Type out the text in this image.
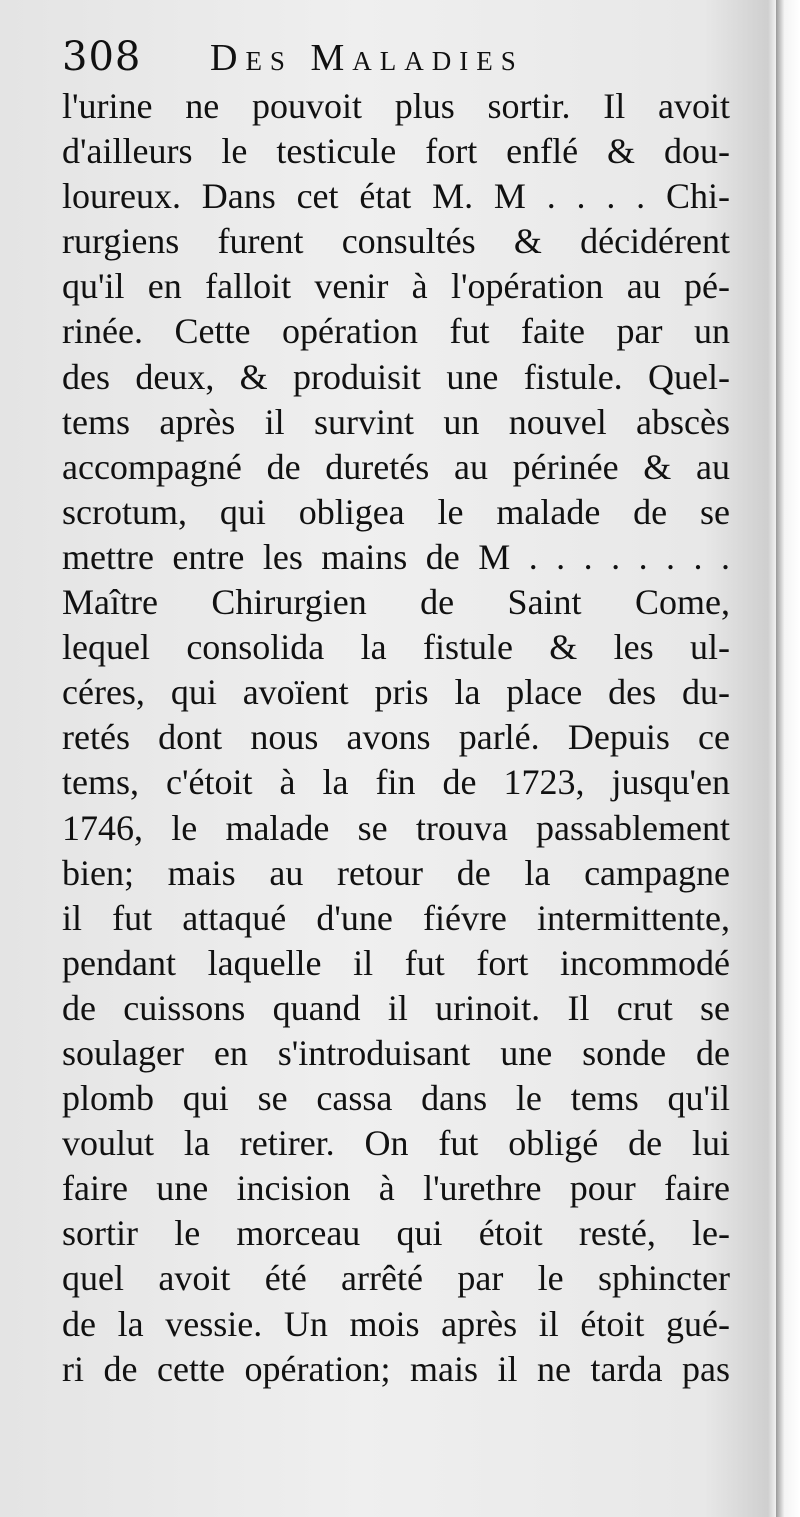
308 Des Maladies
l'urine ne pouvoit plus sortir. Il avoit
d'ailleurs le testicule fort enflé & dou-
loureux. Dans cet état M. M . . . . Chi-
rurgiens furent consultés & décidérent
qu'il en falloit venir à l'opération au pé-
rinée. Cette opération fut faite par un
des deux, & produisit une fistule. Quel-
tems après il survint un nouvel abscès
accompagné de duretés au périnée & au
scrotum, qui obligea le malade de se
mettre entre les mains de M . . . . . . . .
Maître Chirurgien de Saint Come,
lequel consolida la fistule & les ul-
céres, qui avoïent pris la place des du-
retés dont nous avons parlé. Depuis ce
tems, c'étoit à la fin de 1723, jusqu'en
1746, le malade se trouva passablement
bien; mais au retour de la campagne
il fut attaqué d'une fiévre intermittente,
pendant laquelle il fut fort incommodé
de cuissons quand il urinoit. Il crut se
soulager en s'introduisant une sonde de
plomb qui se cassa dans le tems qu'il
voulut la retirer. On fut obligé de lui
faire une incision à l'urethre pour faire
sortir le morceau qui étoit resté, le-
quel avoit été arrêté par le sphincter
de la vessie. Un mois après il étoit gué-
ri de cette opération; mais il ne tarda pas
